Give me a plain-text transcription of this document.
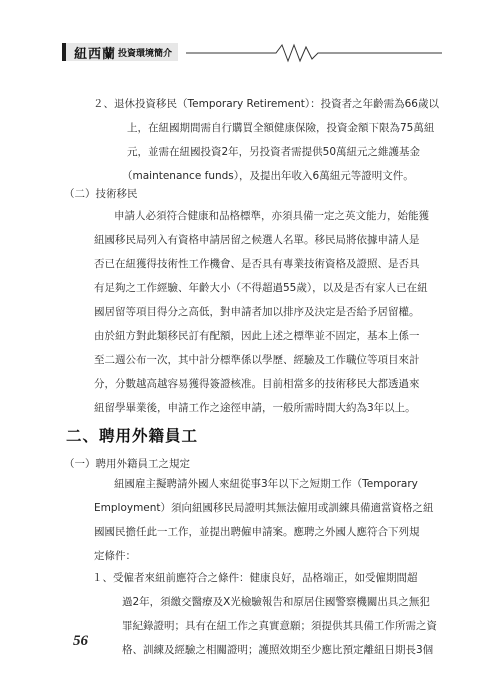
紐西蘭 投資環境簡介

２、退休投資移民（Temporary Retirement）：投資者之年齡需為66歲以

上，在紐國期間需自行購買全額健康保險，投資金額下限為75萬紐

元，並需在紐國投資2年，另投資者需提供50萬紐元之維護基金

（maintenance funds），及提出年收入6萬紐元等證明文件。

（二）技術移民

申請人必須符合健康和品格標準，亦須具備一定之英文能力，始能獲

紐國移民局列入有資格申請居留之候選人名單。移民局將依據申請人是

否已在紐獲得技術性工作機會、是否具有專業技術資格及證照、是否具

有足夠之工作經驗、年齡大小（不得超過55歲），以及是否有家人已在紐

國居留等項目得分之高低，對申請者加以排序及決定是否給予居留權。

由於紐方對此類移民訂有配額，因此上述之標準並不固定，基本上係一

至二週公布一次，其中計分標準係以學歷、經驗及工作職位等項目來計

分，分數越高越容易獲得簽證核准。目前相當多的技術移民大都透過來

紐留學畢業後，申請工作之途徑申請，一般所需時間大約為3年以上。

二、聘用外籍員工

（一）聘用外籍員工之規定

紐國雇主擬聘請外國人來紐從事3年以下之短期工作（Temporary

Employment）須向紐國移民局證明其無法僱用或訓練具備適當資格之紐

國國民擔任此一工作，並提出聘僱申請案。應聘之外國人應符合下列規

定條件：

１、受僱者來紐前應符合之條件：健康良好，品格端正，如受僱期間超

過2年，須繳交醫療及X光檢驗報告和原居住國警察機關出具之無犯

罪紀錄證明；具有在紐工作之真實意願；須提供其具備工作所需之資

格、訓練及經驗之相關證明；護照效期至少應比預定離紐日期長3個

56
